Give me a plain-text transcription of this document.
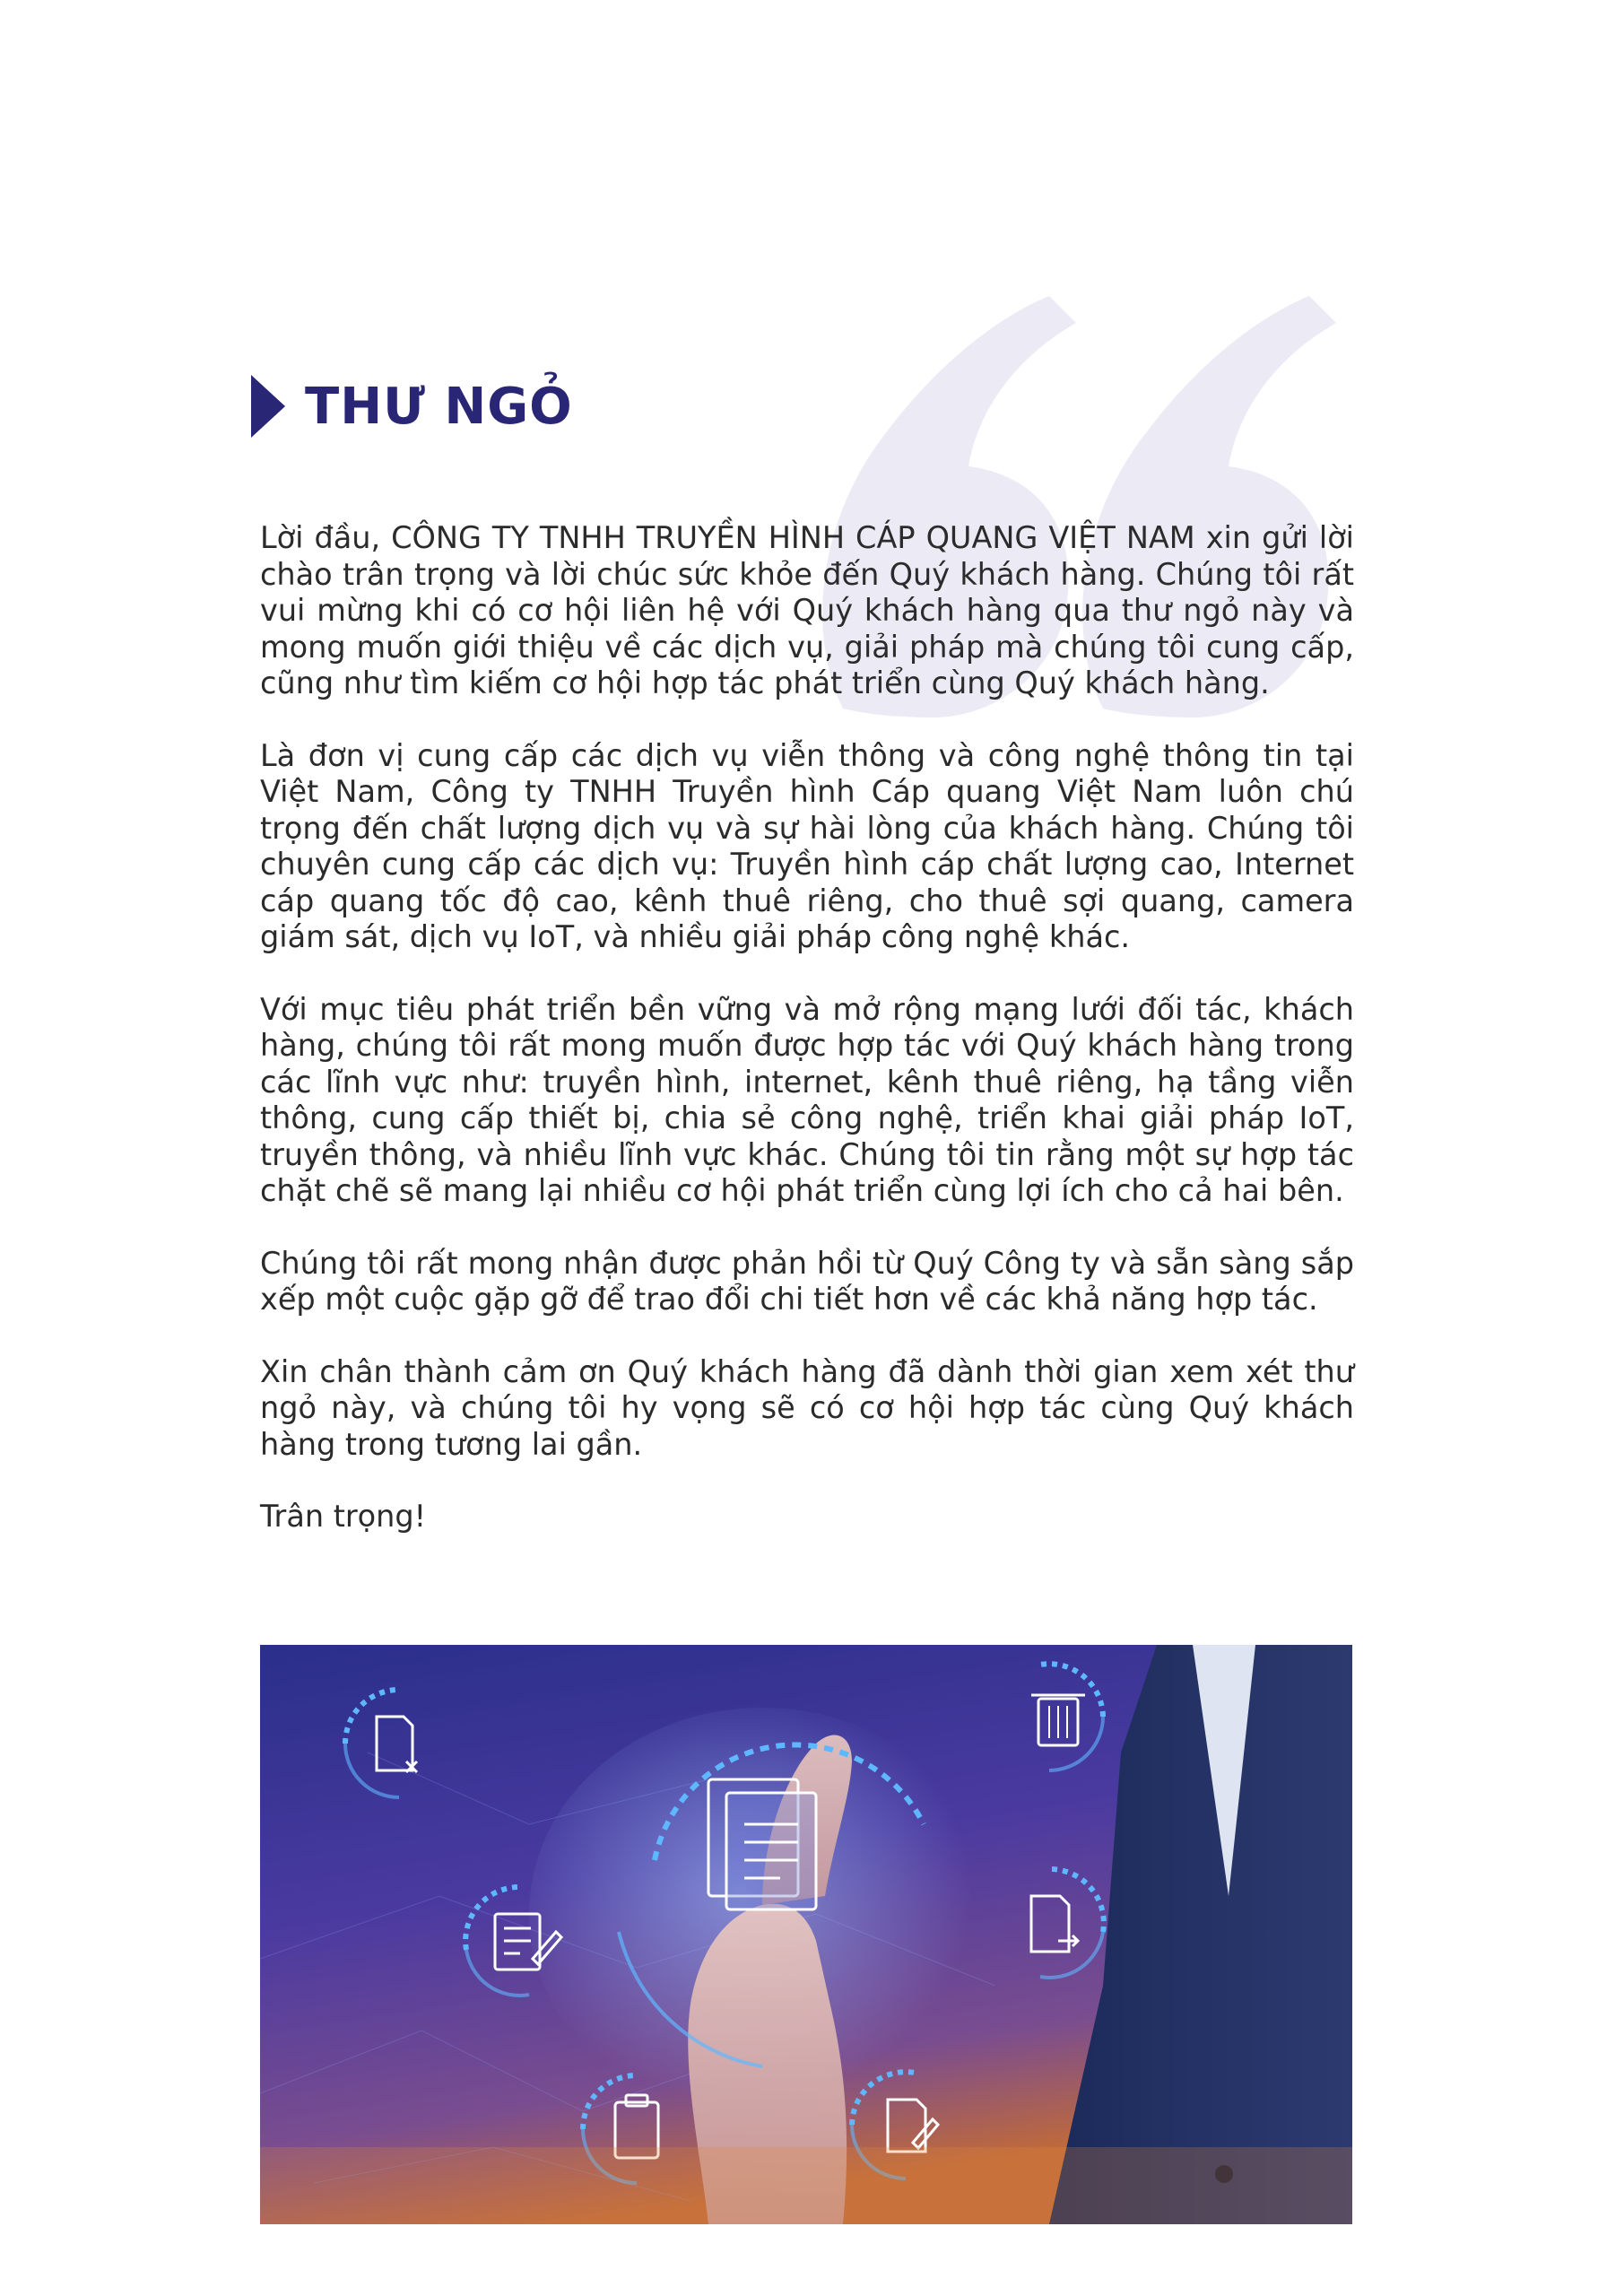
THƯ NGỎ

Lời đầu, CÔNG TY TNHH TRUYỀN HÌNH CÁP QUANG VIỆT NAM xin gửi lời chào trân trọng và lời chúc sức khỏe đến Quý khách hàng. Chúng tôi rất vui mừng khi có cơ hội liên hệ với Quý khách hàng qua thư ngỏ này và mong muốn giới thiệu về các dịch vụ, giải pháp mà chúng tôi cung cấp, cũng như tìm kiếm cơ hội hợp tác phát triển cùng Quý khách hàng.

Là đơn vị cung cấp các dịch vụ viễn thông và công nghệ thông tin tại Việt Nam, Công ty TNHH Truyền hình Cáp quang Việt Nam luôn chú trọng đến chất lượng dịch vụ và sự hài lòng của khách hàng. Chúng tôi chuyên cung cấp các dịch vụ: Truyền hình cáp chất lượng cao, Internet cáp quang tốc độ cao, kênh thuê riêng, cho thuê sợi quang, camera giám sát, dịch vụ IoT, và nhiều giải pháp công nghệ khác.

Với mục tiêu phát triển bền vững và mở rộng mạng lưới đối tác, khách hàng, chúng tôi rất mong muốn được hợp tác với Quý khách hàng trong các lĩnh vực như: truyền hình, internet, kênh thuê riêng, hạ tầng viễn thông, cung cấp thiết bị, chia sẻ công nghệ, triển khai giải pháp IoT, truyền thông, và nhiều lĩnh vực khác. Chúng tôi tin rằng một sự hợp tác chặt chẽ sẽ mang lại nhiều cơ hội phát triển cùng lợi ích cho cả hai bên.

Chúng tôi rất mong nhận được phản hồi từ Quý Công ty và sẵn sàng sắp xếp một cuộc gặp gỡ để trao đổi chi tiết hơn về các khả năng hợp tác.

Xin chân thành cảm ơn Quý khách hàng đã dành thời gian xem xét thư ngỏ này, và chúng tôi hy vọng sẽ có cơ hội hợp tác cùng Quý khách hàng trong tương lai gần.

Trân trọng!
